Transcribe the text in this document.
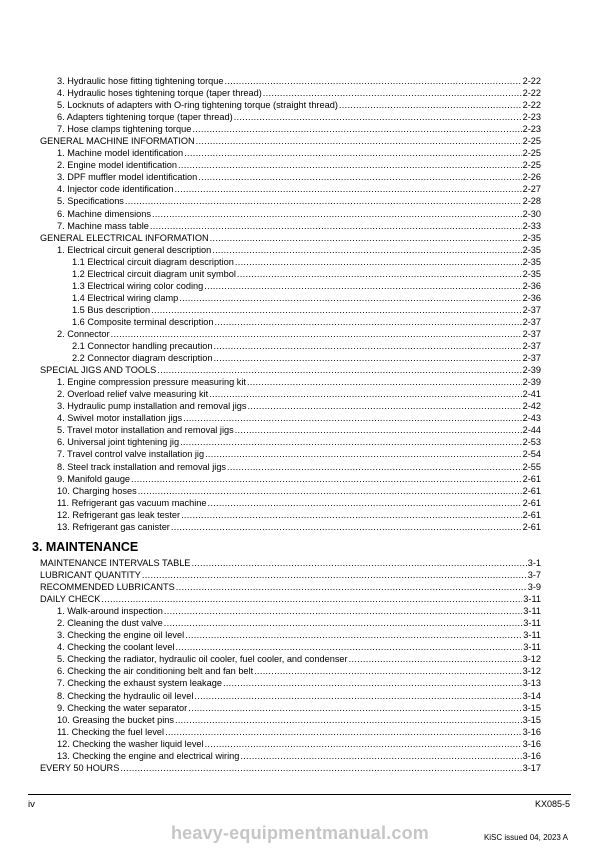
3. Hydraulic hose fitting tightening torque .....	2-22
4. Hydraulic hoses tightening torque (taper thread) .....	2-22
5. Locknuts of adapters with O-ring tightening torque (straight thread) .....	2-22
6. Adapters tightening torque (taper thread) .....	2-23
7. Hose clamps tightening torque .....	2-23
GENERAL MACHINE INFORMATION .....	2-25
1. Machine model identification .....	2-25
2. Engine model identification .....	2-25
3. DPF muffler model identification .....	2-26
4. Injector code identification .....	2-27
5. Specifications .....	2-28
6. Machine dimensions .....	2-30
7. Machine mass table .....	2-33
GENERAL ELECTRICAL INFORMATION .....	2-35
1. Electrical circuit general description .....	2-35
1.1 Electrical circuit diagram description .....	2-35
1.2 Electrical circuit diagram unit symbol .....	2-35
1.3 Electrical wiring color coding .....	2-36
1.4 Electrical wiring clamp .....	2-36
1.5 Bus description .....	2-37
1.6 Composite terminal description .....	2-37
2. Connector .....	2-37
2.1 Connector handling precaution .....	2-37
2.2 Connector diagram description .....	2-37
SPECIAL JIGS AND TOOLS .....	2-39
1. Engine compression pressure measuring kit .....	2-39
2. Overload relief valve measuring kit .....	2-41
3. Hydraulic pump installation and removal jigs .....	2-42
4. Swivel motor installation jigs .....	2-43
5. Travel motor installation and removal jigs .....	2-44
6. Universal joint tightening jig .....	2-53
7. Travel control valve installation jig .....	2-54
8. Steel track installation and removal jigs .....	2-55
9. Manifold gauge .....	2-61
10. Charging hoses .....	2-61
11. Refrigerant gas vacuum machine .....	2-61
12. Refrigerant gas leak tester .....	2-61
13. Refrigerant gas canister .....	2-61
3. MAINTENANCE
MAINTENANCE INTERVALS TABLE .....	3-1
LUBRICANT QUANTITY .....	3-7
RECOMMENDED LUBRICANTS .....	3-9
DAILY CHECK .....	3-11
1. Walk-around inspection .....	3-11
2. Cleaning the dust valve .....	3-11
3. Checking the engine oil level .....	3-11
4. Checking the coolant level .....	3-11
5. Checking the radiator, hydraulic oil cooler, fuel cooler, and condenser .....	3-12
6. Checking the air conditioning belt and fan belt .....	3-12
7. Checking the exhaust system leakage .....	3-13
8. Checking the hydraulic oil level .....	3-14
9. Checking the water separator .....	3-15
10. Greasing the bucket pins .....	3-15
11. Checking the fuel level .....	3-16
12. Checking the washer liquid level .....	3-16
13. Checking the engine and electrical wiring .....	3-16
EVERY 50 HOURS .....	3-17
iv	KX085-5
heavy-equipmentmanual.com	KiSC issued 04, 2023 A
